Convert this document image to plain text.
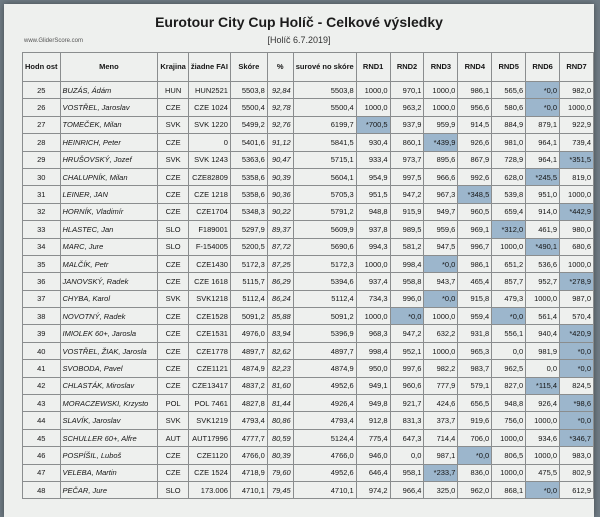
www.GliderScore.com
Eurotour City Cup Holíč - Celkové výsledky
[Holíč 6.7.2019]
Hodn ost	Meno	Krajina	žiadne FAI	Skóre	%	surové no skóre	RND1	RND2	RND3	RND4	RND5	RND6	RND7
25	BUZÁS, Ádám	HUN	HUN2521	5503,8	92,84	5503,8	1000,0	970,1	1000,0	986,1	565,6	*0,0	982,0
26	VOSTŘEL, Jaroslav	CZE	CZE 1024	5500,4	92,78	5500,4	1000,0	963,2	1000,0	956,6	580,6	*0,0	1000,0
27	TOMEČEK, Milan	SVK	SVK 1220	5499,2	92,76	6199,7	*700,5	937,9	959,9	914,5	884,9	879,1	922,9
28	HEINRICH, Peter	CZE	0	5401,6	91,12	5841,5	930,4	860,1	*439,9	926,6	981,0	964,1	739,4
29	HRUŠOVSKÝ, Jozef	SVK	SVK 1243	5363,6	90,47	5715,1	933,4	973,7	895,6	867,9	728,9	964,1	*351,5
30	CHALUPNÍK, Milan	CZE	CZE82809	5358,6	90,39	5604,1	954,9	997,5	966,6	992,6	628,0	*245,5	819,0
31	LEINER, JAN	CZE	CZE 1218	5358,6	90,36	5705,3	951,5	947,2	967,3	*348,5	539,8	951,0	1000,0
32	HORNÍK, Vladimír	CZE	CZE1704	5348,3	90,22	5791,2	948,8	915,9	949,7	960,5	659,4	914,0	*442,9
33	HLASTEC, Jan	SLO	F189001	5297,9	89,37	5609,9	937,8	989,5	959,6	969,1	*312,0	461,9	980,0
34	MARC, Jure	SLO	F-154005	5200,5	87,72	5690,6	994,3	581,2	947,5	996,7	1000,0	*490,1	680,6
35	MALČÍK, Petr	CZE	CZE1430	5172,3	87,25	5172,3	1000,0	998,4	*0,0	986,1	651,2	536,6	1000,0
36	JANOVSKÝ, Radek	CZE	CZE 1618	5115,7	86,29	5394,6	937,4	958,8	943,7	465,4	857,7	952,7	*278,9
37	CHYBA, Karol	SVK	SVK1218	5112,4	86,24	5112,4	734,3	996,0	*0,0	915,8	479,3	1000,0	987,0
38	NOVOTNÝ, Radek	CZE	CZE1528	5091,2	85,88	5091,2	1000,0	*0,0	1000,0	959,4	*0,0	561,4	570,4
39	IMIOLEK 60+, Jarosla	CZE	CZE1531	4976,0	83,94	5396,9	968,3	947,2	632,2	931,8	556,1	940,4	*420,9
40	VOSTŘEL, ŽIAK, Jarosla	CZE	CZE1778	4897,7	82,62	4897,7	998,4	952,1	1000,0	965,3	0,0	981,9	*0,0
41	SVOBODA, Pavel	CZE	CZE1121	4874,9	82,23	4874,9	950,0	997,6	982,2	983,7	962,5	0,0	*0,0
42	CHLASTÁK, Miroslav	CZE	CZE13417	4837,2	81,60	4952,6	949,1	960,6	777,9	579,1	827,0	*115,4	824,5
43	MORACZEWSKI, Krzysto	POL	POL 7461	4827,8	81,44	4926,4	949,8	921,7	424,6	656,5	948,8	926,4	*98,6
44	SLAVÍK, Jaroslav	SVK	SVK1219	4793,4	80,86	4793,4	912,8	831,3	373,7	919,6	756,0	1000,0	*0,0
45	SCHULLER 60+, Alfre	AUT	AUT17996	4777,7	80,59	5124,4	775,4	647,3	714,4	706,0	1000,0	934,6	*346,7
46	POSPÍŠIL, Luboš	CZE	CZE1120	4766,0	80,39	4766,0	946,0	0,0	987,1	*0,0	806,5	1000,0	983,0
47	VELEBA, Martin	CZE	CZE 1524	4718,9	79,60	4952,6	646,4	958,1	*233,7	836,0	1000,0	475,5	802,9
48	PEČAR, Jure	SLO	173.006	4710,1	79,45	4710,1	974,2	966,4	325,0	962,0	868,1	*0,0	612,9
